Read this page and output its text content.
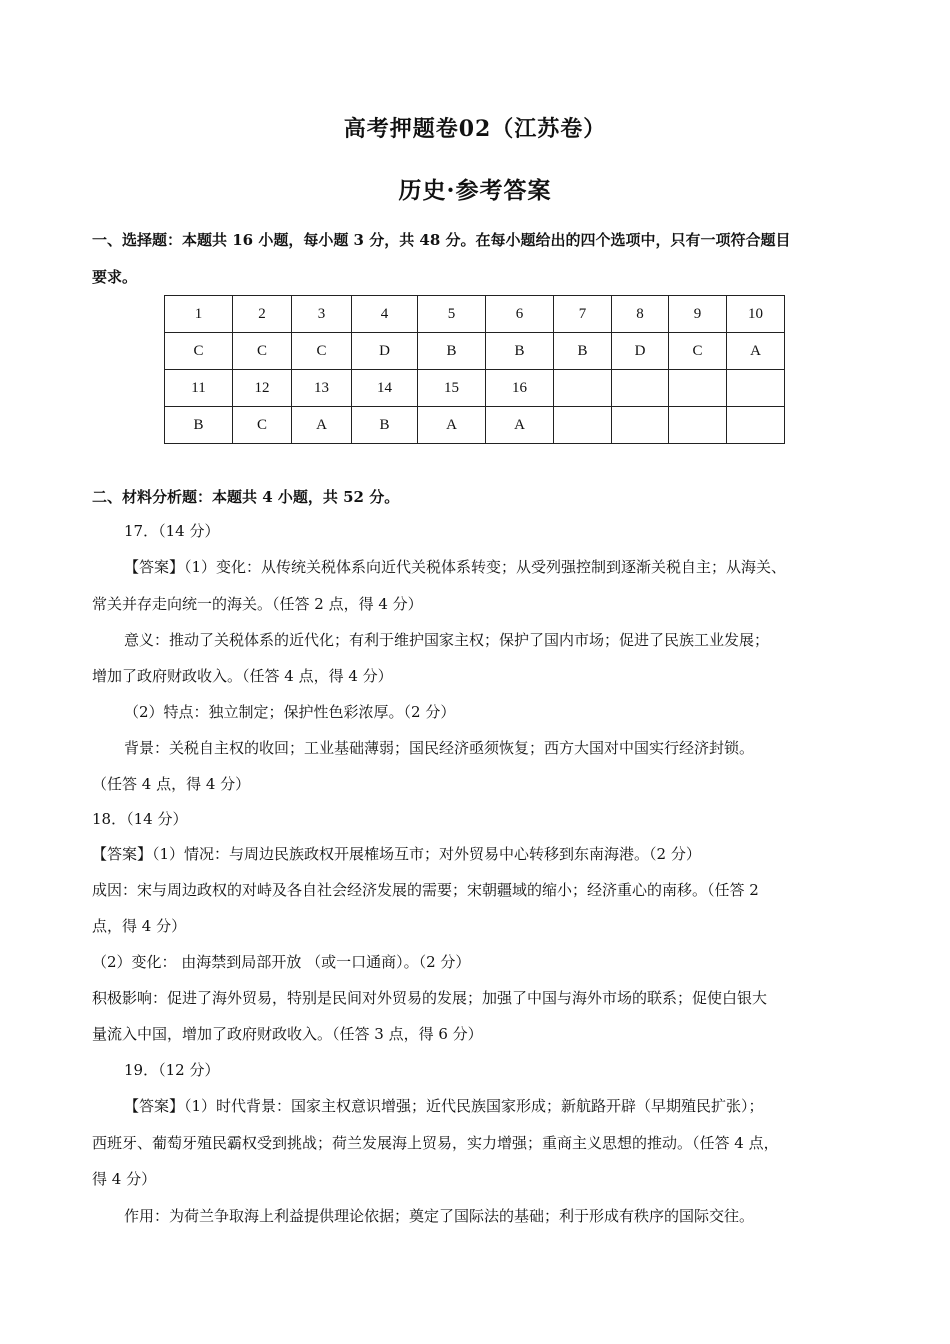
高考押题卷02（江苏卷）
历史·参考答案
一、选择题：本题共 16 小题，每小题 3 分，共 48 分。在每小题给出的四个选项中，只有一项符合题目
要求。
1	2	3	4	5	6	7	8	9	10
C	C	C	D	B	B	B	D	C	A
11	12	13	14	15	16				
B	C	A	B	A	A				
二、材料分析题：本题共 4 小题，共 52 分。
17．（14 分）
【答案】（1）变化：从传统关税体系向近代关税体系转变；从受列强控制到逐渐关税自主；从海关、
常关并存走向统一的海关。（任答 2 点，得 4 分）
意义：推动了关税体系的近代化；有利于维护国家主权；保护了国内市场；促进了民族工业发展；
增加了政府财政收入。（任答 4 点，得 4 分）
（2）特点：独立制定；保护性色彩浓厚。（2 分）
背景：关税自主权的收回；工业基础薄弱；国民经济亟须恢复；西方大国对中国实行经济封锁。
（任答 4 点，得 4 分）
18．（14 分）
【答案】（1）情况：与周边民族政权开展榷场互市；对外贸易中心转移到东南海港。（2 分）
成因：宋与周边政权的对峙及各自社会经济发展的需要；宋朝疆域的缩小；经济重心的南移。（任答 2
点，得 4 分）
（2）变化： 由海禁到局部开放 （或一口通商）。（2 分）
积极影响：促进了海外贸易，特别是民间对外贸易的发展；加强了中国与海外市场的联系；促使白银大
量流入中国，增加了政府财政收入。（任答 3 点，得 6 分）
19．（12 分）
【答案】（1）时代背景：国家主权意识增强；近代民族国家形成；新航路开辟（早期殖民扩张）；
西班牙、葡萄牙殖民霸权受到挑战；荷兰发展海上贸易，实力增强；重商主义思想的推动。（任答 4 点，
得 4 分）
作用：为荷兰争取海上利益提供理论依据；奠定了国际法的基础；利于形成有秩序的国际交往。
